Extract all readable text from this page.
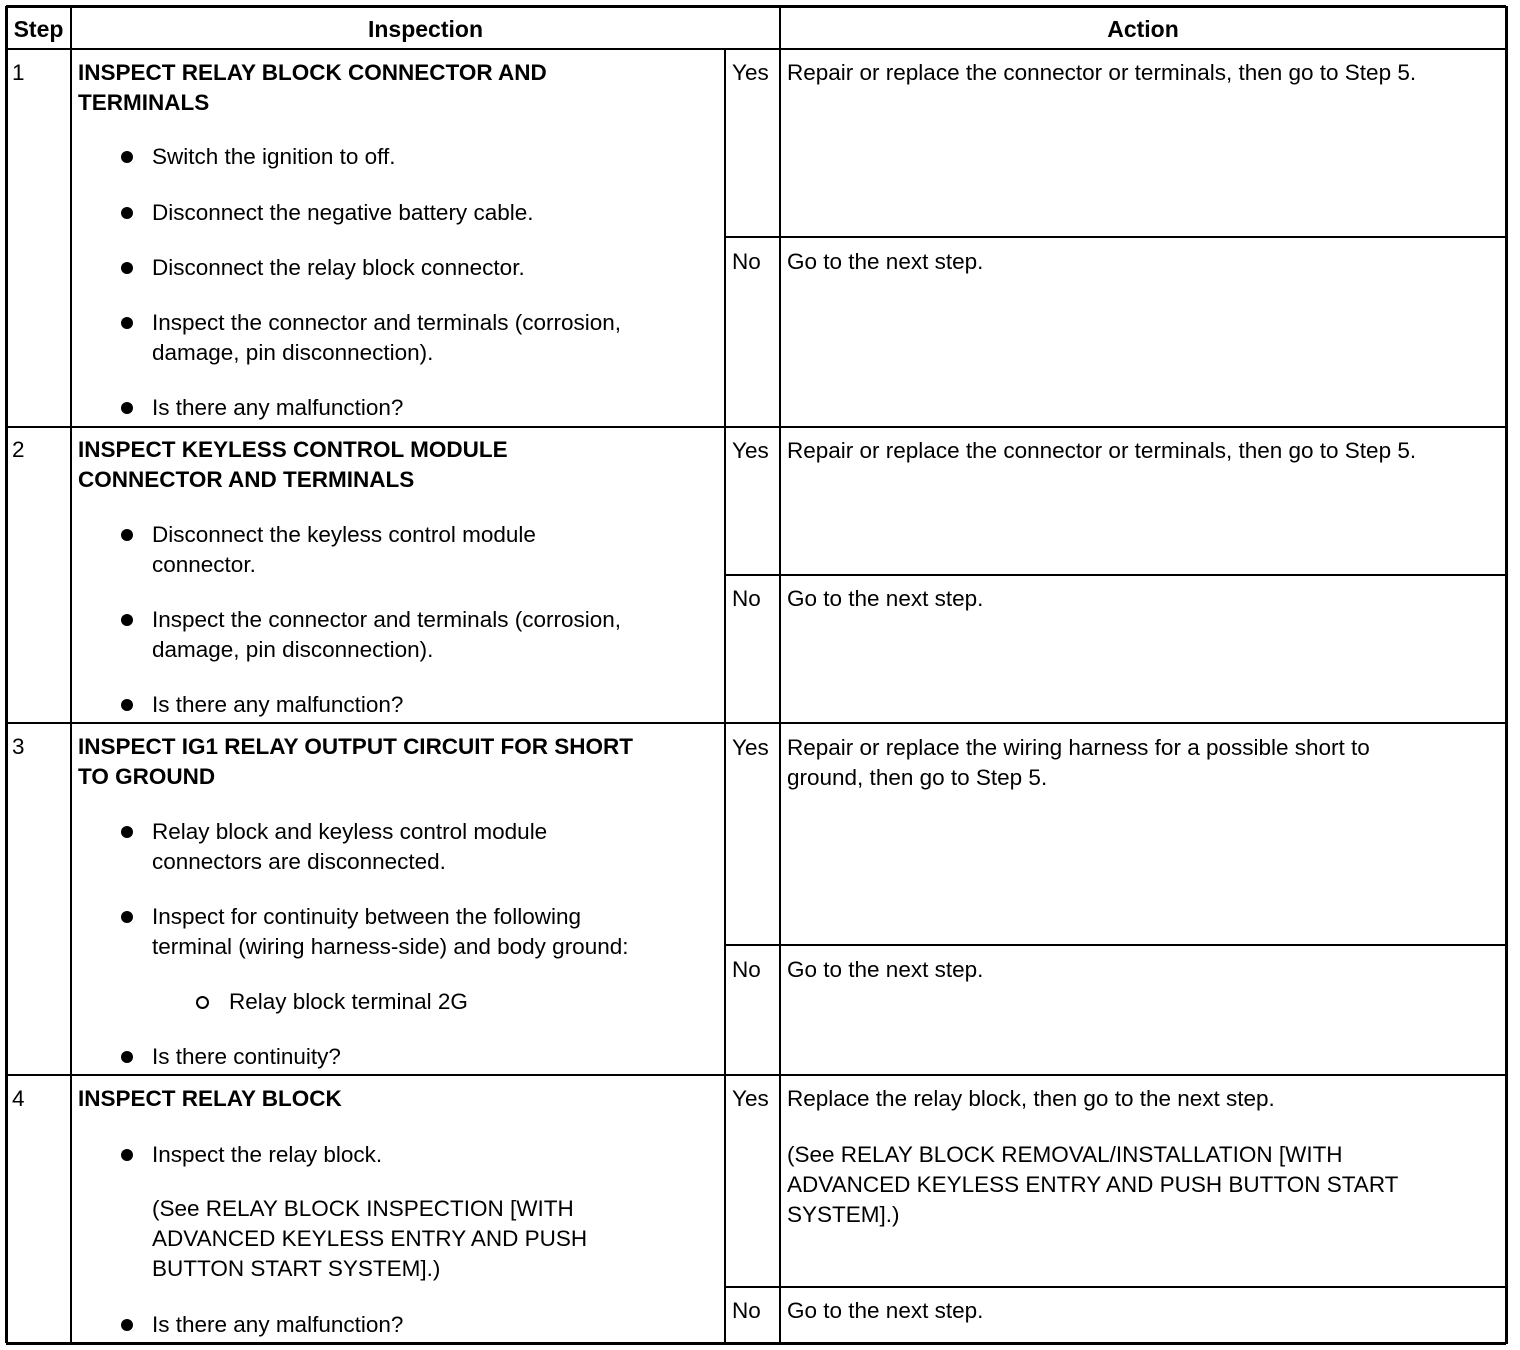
Step	Inspection	Action
1 INSPECT RELAY BLOCK CONNECTOR AND
TERMINALS
Switch the ignition to off.
Disconnect the negative battery cable.
Disconnect the relay block connector.
Inspect the connector and terminals (corrosion,
damage, pin disconnection).
Is there any malfunction?
Yes Repair or replace the connector or terminals, then go to Step 5.
No Go to the next step.
2 INSPECT KEYLESS CONTROL MODULE
CONNECTOR AND TERMINALS
Disconnect the keyless control module
connector.
Inspect the connector and terminals (corrosion,
damage, pin disconnection).
Is there any malfunction?
Yes Repair or replace the connector or terminals, then go to Step 5.
No Go to the next step.
3 INSPECT IG1 RELAY OUTPUT CIRCUIT FOR SHORT
TO GROUND
Relay block and keyless control module
connectors are disconnected.
Inspect for continuity between the following
terminal (wiring harness-side) and body ground:
Relay block terminal 2G
Is there continuity?
Yes Repair or replace the wiring harness for a possible short to
ground, then go to Step 5.
No Go to the next step.
4 INSPECT RELAY BLOCK
Inspect the relay block.
(See RELAY BLOCK INSPECTION [WITH
ADVANCED KEYLESS ENTRY AND PUSH
BUTTON START SYSTEM].)
Is there any malfunction?
Yes Replace the relay block, then go to the next step.
(See RELAY BLOCK REMOVAL/INSTALLATION [WITH
ADVANCED KEYLESS ENTRY AND PUSH BUTTON START
SYSTEM].)
No Go to the next step.
